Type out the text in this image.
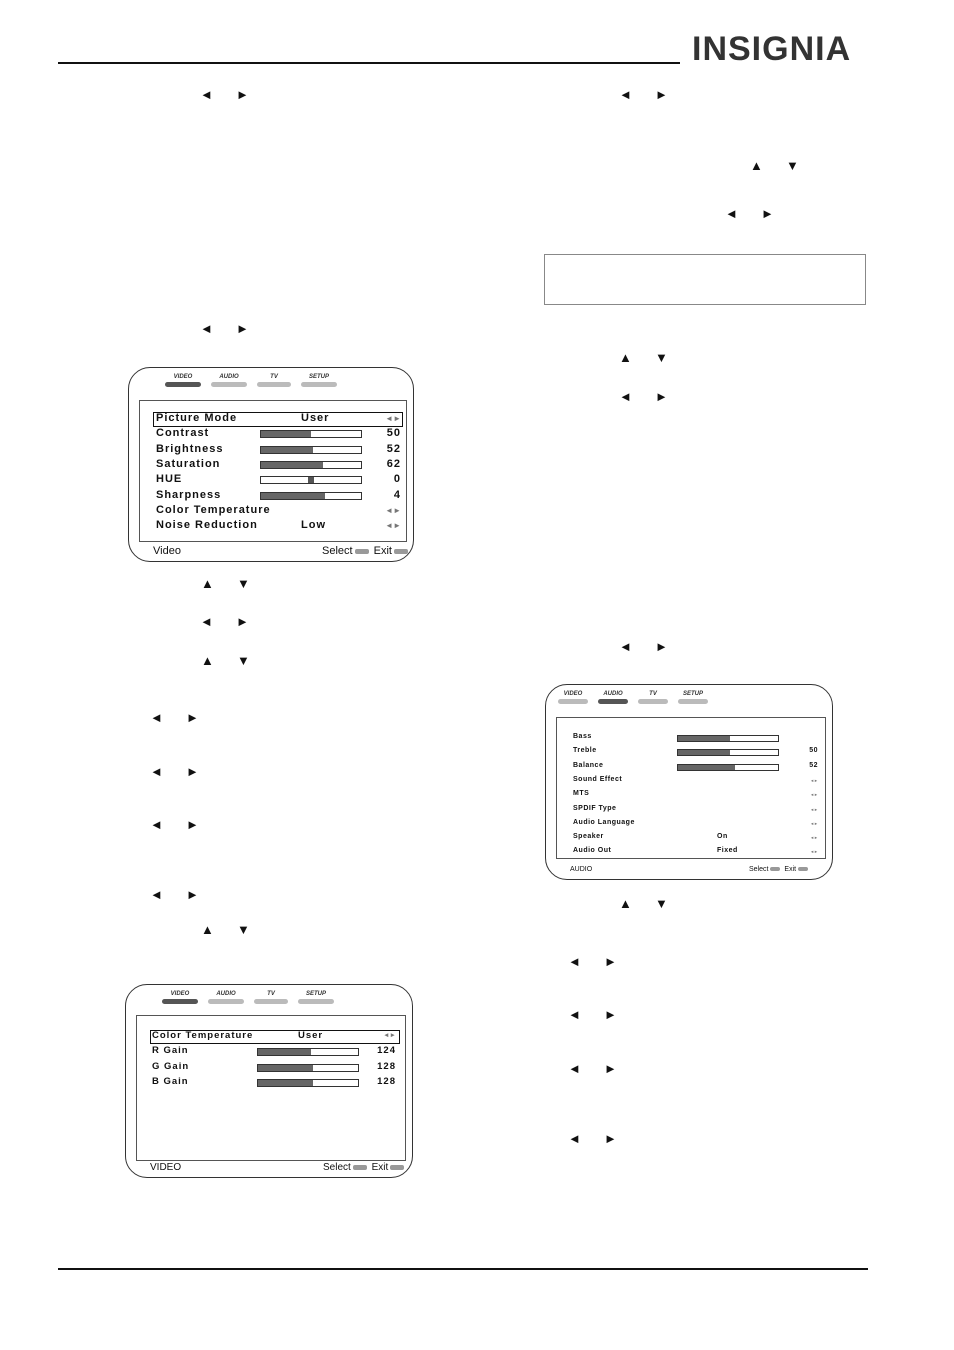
INSIGNIA
◄ ►
◄ ►
▲ ▼
◄ ►
▲ ▼
◄ ►
◄ ►
◄ ►
◄ ►
▲ ▼
◄ ►
▲ ▼
◄ ►
▲ ▼
◄ ►
◄ ►
▲ ▼
◄ ►
◄ ►
◄ ►
◄ ►
VIDEO	AUDIO	TV	SETUP
Video	Select Exit
Picture Mode	User	◄►
Contrast	50
Brightness	52
Saturation	62
HUE	0
Sharpness	4
Color Temperature	◄►
Noise Reduction	Low	◄►
VIDEO	AUDIO	TV	SETUP
VIDEO	Select Exit
Color Temperature	User	◄►
R Gain	124
G Gain	128
B Gain	128
VIDEO	AUDIO	TV	SETUP
AUDIO	Select Exit
Bass
Treble	50
Balance	52
Sound Effect	◄►
MTS	◄►
SPDIF Type	◄►
Audio Language	◄►
Speaker	On	◄►
Audio Out	Fixed	◄►
